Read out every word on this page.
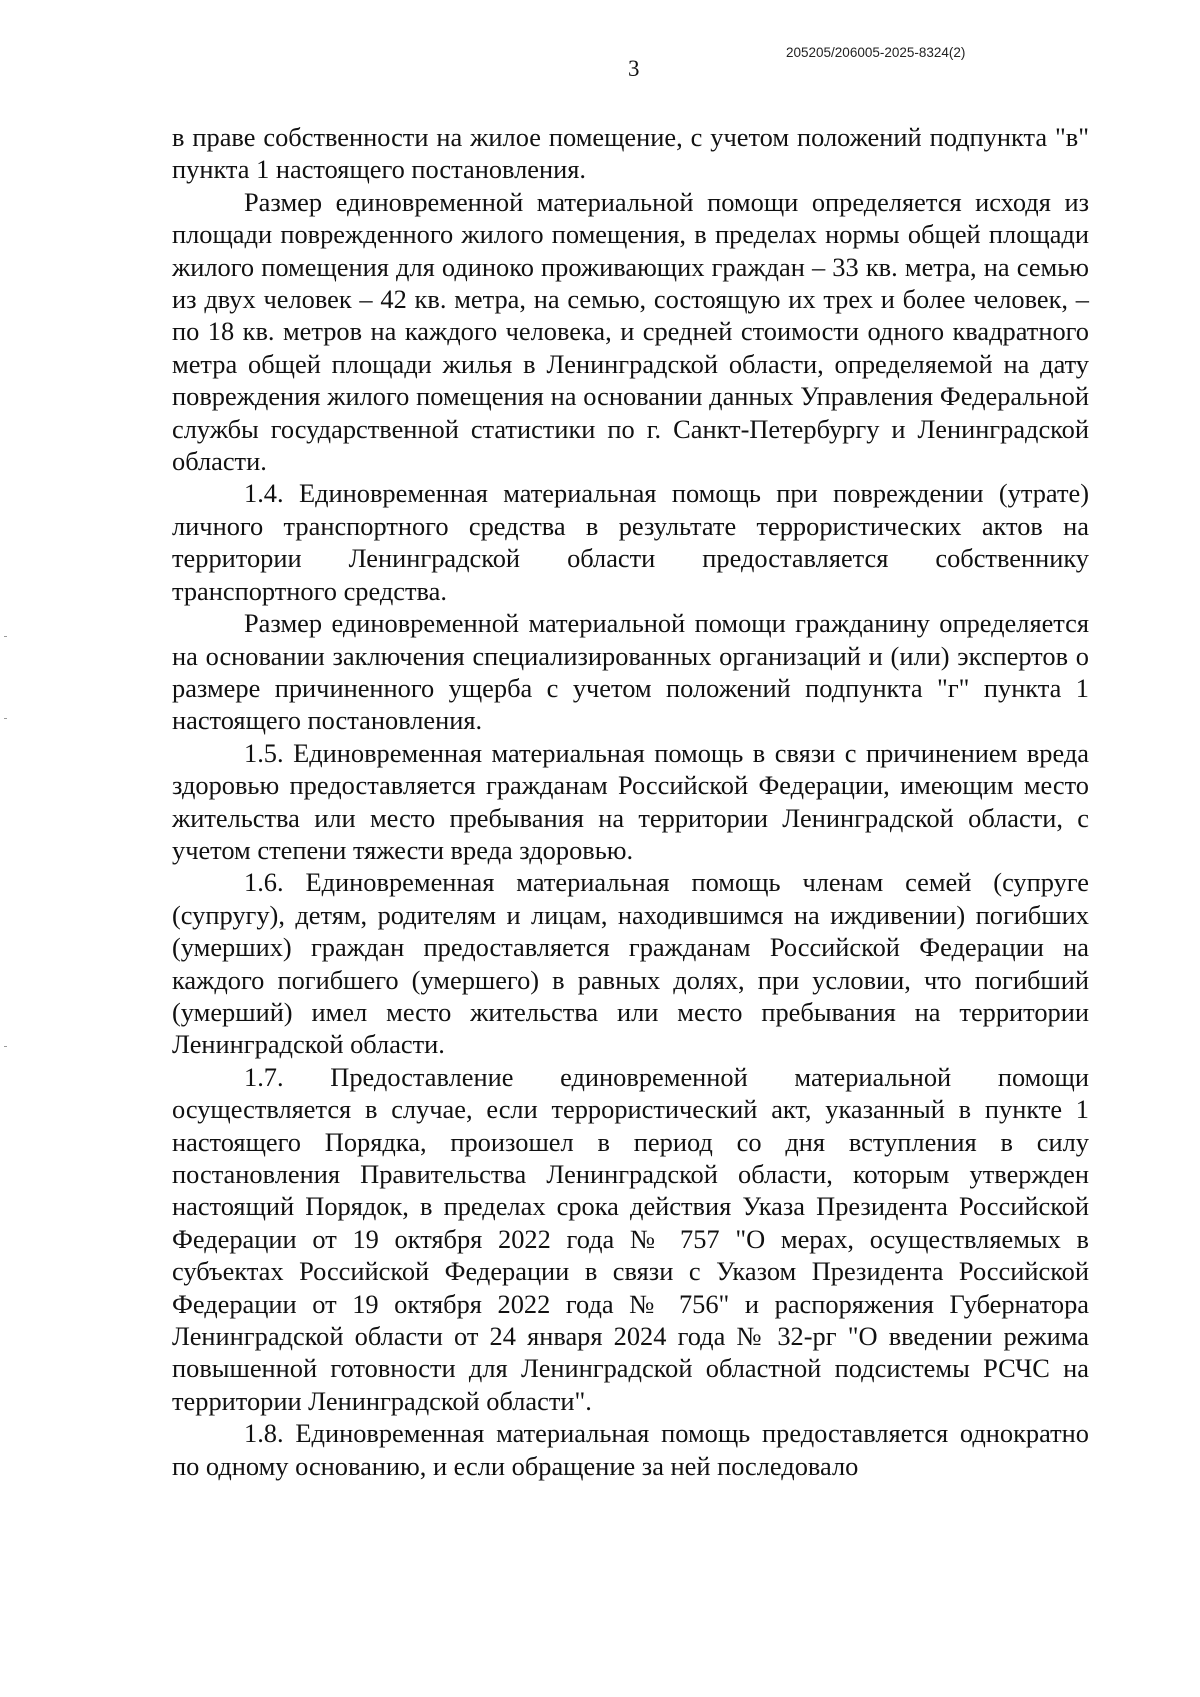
3
205205/206005-2025-8324(2)

в праве собственности на жилое помещение, с учетом положений подпункта "в" пункта 1 настоящего постановления.

Размер единовременной материальной помощи определяется исходя из площади поврежденного жилого помещения, в пределах нормы общей площади жилого помещения для одиноко проживающих граждан – 33 кв. метра, на семью из двух человек – 42 кв. метра, на семью, состоящую их трех и более человек, – по 18 кв. метров на каждого человека, и средней стоимости одного квадратного метра общей площади жилья в Ленинградской области, определяемой на дату повреждения жилого помещения на основании данных Управления Федеральной службы государственной статистики по г. Санкт-Петербургу и Ленинградской области.

1.4. Единовременная материальная помощь при повреждении (утрате) личного транспортного средства в результате террористических актов на территории Ленинградской области предоставляется собственнику транспортного средства.

Размер единовременной материальной помощи гражданину определяется на основании заключения специализированных организаций и (или) экспертов о размере причиненного ущерба с учетом положений подпункта "г" пункта 1 настоящего постановления.

1.5. Единовременная материальная помощь в связи с причинением вреда здоровью предоставляется гражданам Российской Федерации, имеющим место жительства или место пребывания на территории Ленинградской области, с учетом степени тяжести вреда здоровью.

1.6. Единовременная материальная помощь членам семей (супруге (супругу), детям, родителям и лицам, находившимся на иждивении) погибших (умерших) граждан предоставляется гражданам Российской Федерации на каждого погибшего (умершего) в равных долях, при условии, что погибший (умерший) имел место жительства или место пребывания на территории Ленинградской области.

1.7. Предоставление единовременной материальной помощи осуществляется в случае, если террористический акт, указанный в пункте 1 настоящего Порядка, произошел в период со дня вступления в силу постановления Правительства Ленинградской области, которым утвержден настоящий Порядок, в пределах срока действия Указа Президента Российской Федерации от 19 октября 2022 года № 757 "О мерах, осуществляемых в субъектах Российской Федерации в связи с Указом Президента Российской Федерации от 19 октября 2022 года № 756" и распоряжения Губернатора Ленинградской области от 24 января 2024 года № 32-рг "О введении режима повышенной готовности для Ленинградской областной подсистемы РСЧС на территории Ленинградской области".

1.8. Единовременная материальная помощь предоставляется однократно по одному основанию, и если обращение за ней последовало
